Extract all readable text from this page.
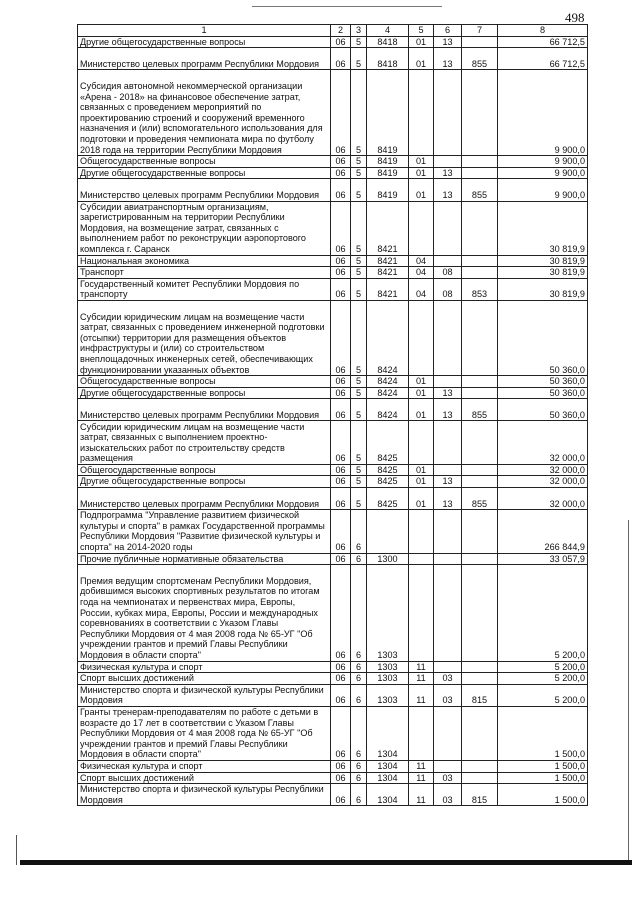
498
1	2	3	4	5	6	7	8
Другие общегосударственные вопросы	06	5	8418	01	13		66 712,5
Министерство целевых программ Республики Мордовия	06	5	8418	01	13	855	66 712,5
Субсидия автономной некоммерческой организации «Арена - 2018» на финансовое обеспечение затрат, связанных с проведением мероприятий по проектированию строений и сооружений временного назначения и (или) вспомогательного использования для подготовки и проведения чемпионата мира по футболу 2018 года на территории Республики Мордовия	06	5	8419				9 900,0
Общегосударственные вопросы	06	5	8419	01			9 900,0
Другие общегосударственные вопросы	06	5	8419	01	13		9 900,0
Министерство целевых программ Республики Мордовия	06	5	8419	01	13	855	9 900,0
Субсидии авиатранспортным организациям, зарегистрированным на территории Республики Мордовия, на возмещение затрат, связанных с выполнением работ по реконструкции аэропортового комплекса г. Саранск	06	5	8421				30 819,9
Национальная экономика	06	5	8421	04			30 819,9
Транспорт	06	5	8421	04	08		30 819,9
Государственный комитет Республики Мордовия по транспорту	06	5	8421	04	08	853	30 819,9
Субсидии юридическим лицам на возмещение части затрат, связанных с проведением инженерной подготовки (отсыпки) территории для размещения объектов инфраструктуры и (или) со строительством внеплощадочных инженерных сетей, обеспечивающих функционировании указанных объектов	06	5	8424				50 360,0
Общегосударственные вопросы	06	5	8424	01			50 360,0
Другие общегосударственные вопросы	06	5	8424	01	13		50 360,0
Министерство целевых программ Республики Мордовия	06	5	8424	01	13	855	50 360,0
Субсидии юридическим лицам на возмещение части затрат, связанных с выполнением проектно-изыскательских работ по строительству средств размещения	06	5	8425				32 000,0
Общегосударственные вопросы	06	5	8425	01			32 000,0
Другие общегосударственные вопросы	06	5	8425	01	13		32 000,0
Министерство целевых программ Республики Мордовия	06	5	8425	01	13	855	32 000,0
Подпрограмма "Управление развитием физической культуры и спорта" в рамках Государственной программы Республики Мордовия "Развитие физической культуры и спорта" на 2014-2020 годы	06	6					266 844,9
Прочие публичные нормативные обязательства	06	6	1300				33 057,9
Премия ведущим спортсменам Республики Мордовия, добившимся высоких спортивных результатов по итогам года на чемпионатах и первенствах мира, Европы, России, кубках мира, Европы, России и международных соревнованиях в соответствии с Указом Главы Республики Мордовия от 4 мая 2008 года № 65-УГ "Об учреждении грантов и премий Главы Республики Мордовия в области спорта"	06	6	1303				5 200,0
Физическая культура и спорт	06	6	1303	11			5 200,0
Спорт высших достижений	06	6	1303	11	03		5 200,0
Министерство спорта и физической культуры Республики Мордовия	06	6	1303	11	03	815	5 200,0
Гранты тренерам-преподавателям по работе с детьми в возрасте до 17 лет в соответствии с Указом Главы Республики Мордовия от 4 мая 2008 года № 65-УГ "Об учреждении грантов и премий Главы Республики Мордовия в области спорта"	06	6	1304				1 500,0
Физическая культура и спорт	06	6	1304	11			1 500,0
Спорт высших достижений	06	6	1304	11	03		1 500,0
Министерство спорта и физической культуры Республики Мордовия	06	6	1304	11	03	815	1 500,0
